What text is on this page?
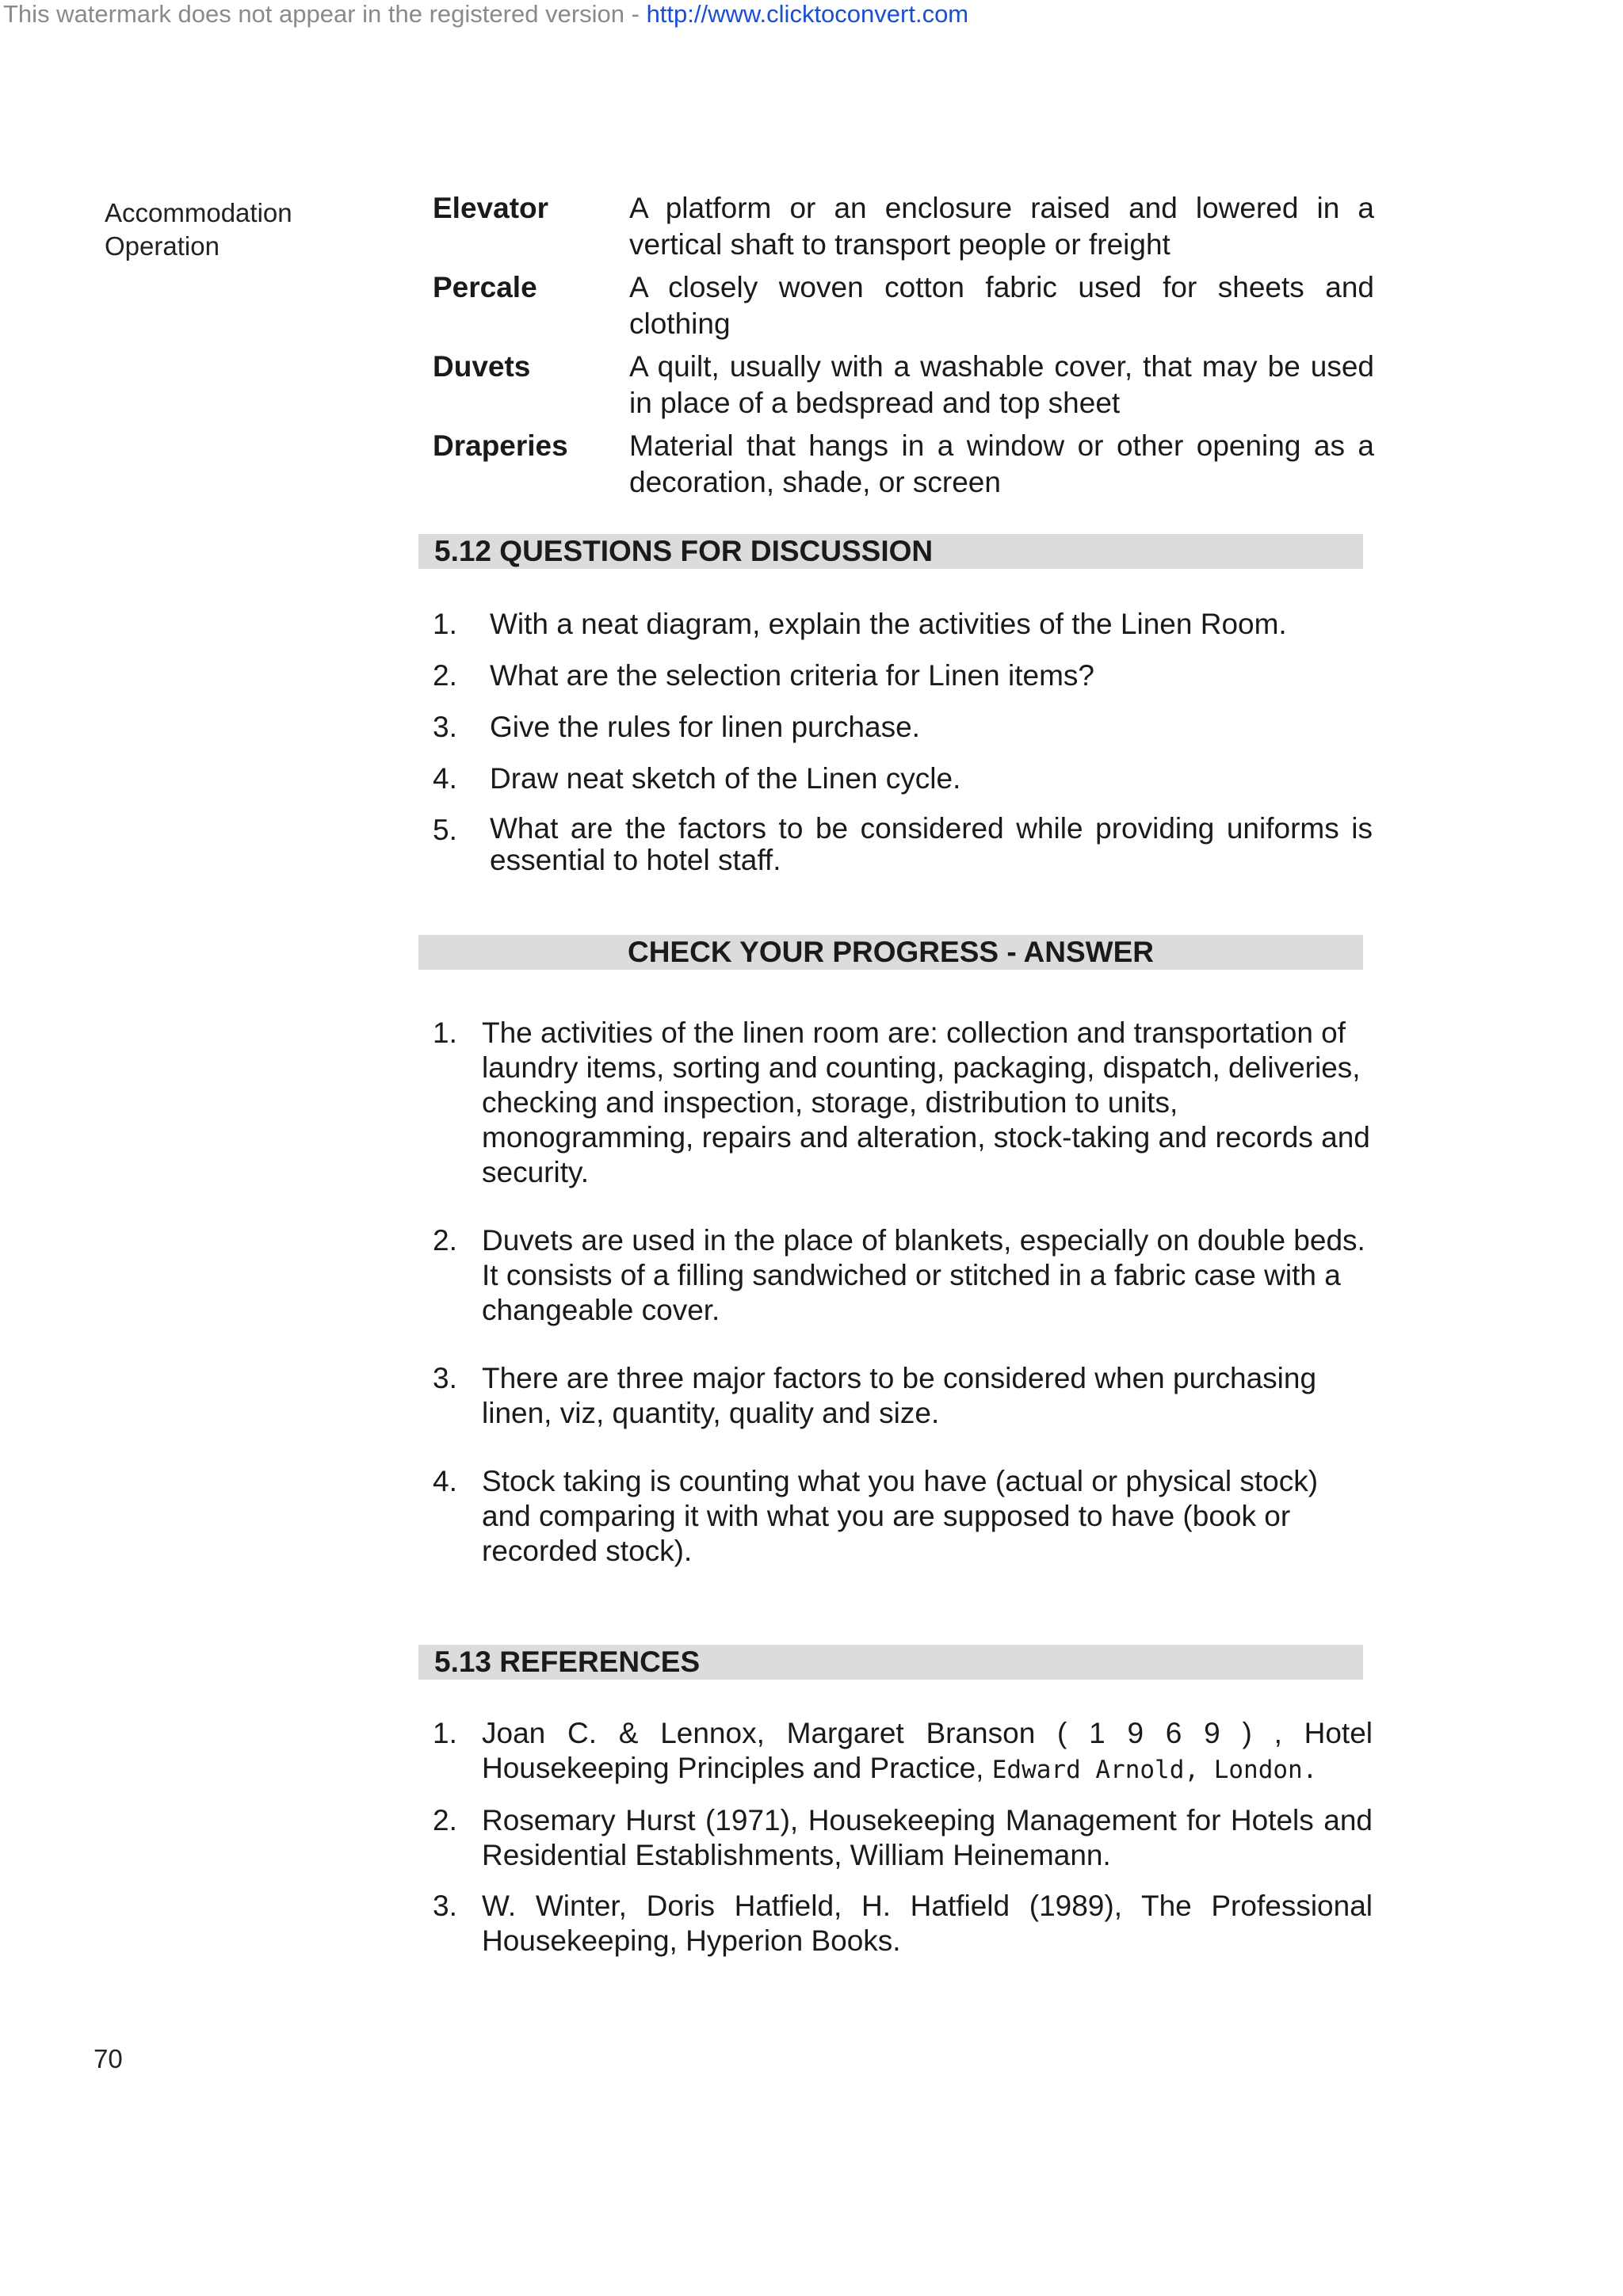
This watermark does not appear in the registered version - http://www.clicktoconvert.com
Accommodation
Operation
Elevator	A platform or an enclosure raised and lowered in a vertical shaft to transport people or freight
Percale	A closely woven cotton fabric used for sheets and clothing
Duvets	A quilt, usually with a washable cover, that may be used in place of a bedspread and top sheet
Draperies	Material that hangs in a window or other opening as a decoration, shade, or screen
5.12 QUESTIONS FOR DISCUSSION
1.	With a neat diagram, explain the activities of the Linen Room.
2.	What are the selection criteria for Linen items?
3.	Give the rules for linen purchase.
4.	Draw neat sketch of the Linen cycle.
5.	What are the factors to be considered while providing uniforms is essential to hotel staff.
CHECK YOUR PROGRESS - ANSWER
1. The activities of the linen room are: collection and transportation of laundry items, sorting and counting, packaging, dispatch, deliveries, checking and inspection, storage, distribution to units, monogramming, repairs and alteration, stock-taking and records and security.
2. Duvets are used in the place of blankets, especially on double beds. It consists of a filling sandwiched or stitched in a fabric case with a changeable cover.
3. There are three major factors to be considered when purchasing linen, viz, quantity, quality and size.
4. Stock taking is counting what you have (actual or physical stock) and comparing it with what you are supposed to have (book or recorded stock).
5.13 REFERENCES
1. Joan C. & Lennox, Margaret Branson ( 1 9 6 9 ) , Hotel Housekeeping Principles and Practice, Edward Arnold, London.
2. Rosemary Hurst (1971), Housekeeping Management for Hotels and Residential Establishments, William Heinemann.
3. W. Winter, Doris Hatfield, H. Hatfield (1989), The Professional Housekeeping, Hyperion Books.
70
